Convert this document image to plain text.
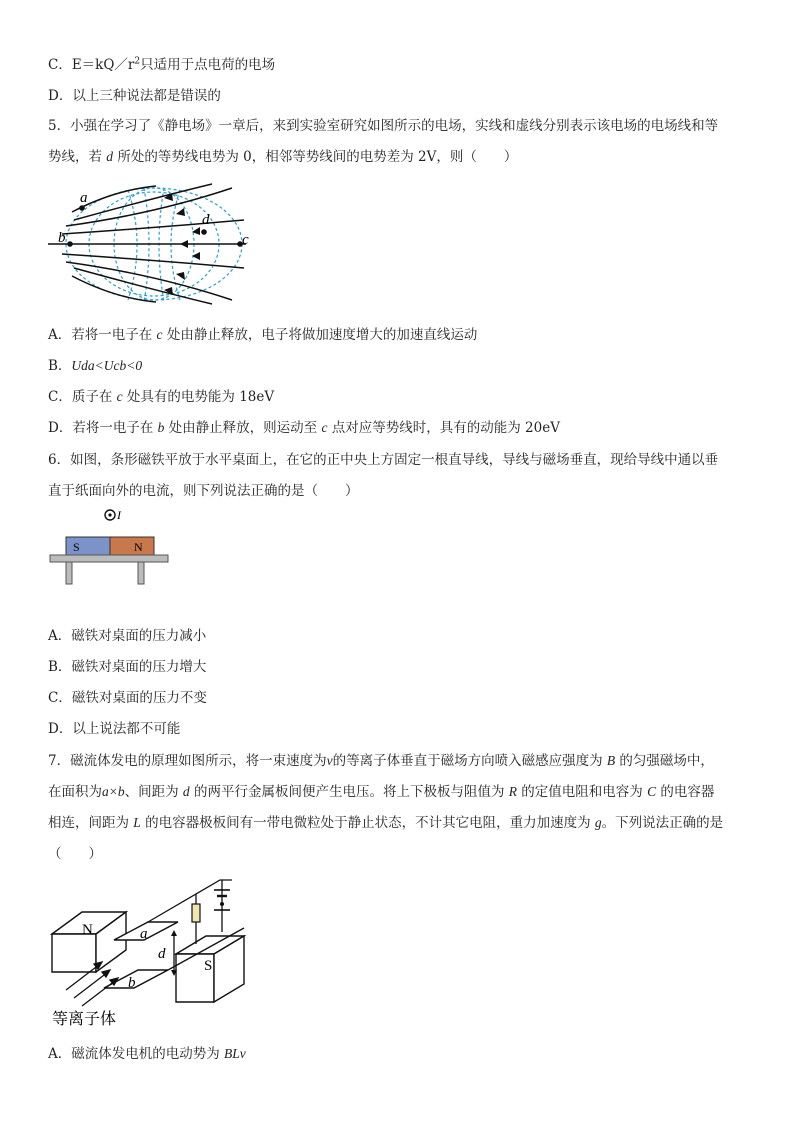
C．$E=kQ/r^2$只适用于点电荷的电场
D．以上三种说法都是错误的
5．小强在学习了《静电场》一章后，来到实验室研究如图所示的电场，实线和虚线分别表示该电场的电场线和等
势线，若 d 所处的等势线电势为 0，相邻等势线间的电势差为 2V，则（　　）
a
b
d
c
A．若将一电子在 c 处由静止释放，电子将做加速度增大的加速直线运动
B．Uda<Ucb<0
C．质子在 c 处具有的电势能为 18eV
D．若将一电子在 b 处由静止释放，则运动至 c 点对应等势线时，具有的动能为 20eV
6．如图，条形磁铁平放于水平桌面上，在它的正中央上方固定一根直导线，导线与磁场垂直，现给导线中通以垂
直于纸面向外的电流，则下列说法正确的是（　　）
I
S	N
A．磁铁对桌面的压力减小
B．磁铁对桌面的压力增大
C．磁铁对桌面的压力不变
D．以上说法都不可能
7．磁流体发电的原理如图所示，将一束速度为v的等离子体垂直于磁场方向喷入磁感应强度为 B 的匀强磁场中，
在面积为a×b、间距为 d 的两平行金属板间便产生电压。将上下极板与阻值为 R 的定值电阻和电容为 C 的电容器
相连，间距为 L 的电容器极板间有一带电微粒处于静止状态，不计其它电阻，重力加速度为 g。下列说法正确的是
（　　）
N
S
a
b
d
等离子体
A．磁流体发电机的电动势为 BLv
